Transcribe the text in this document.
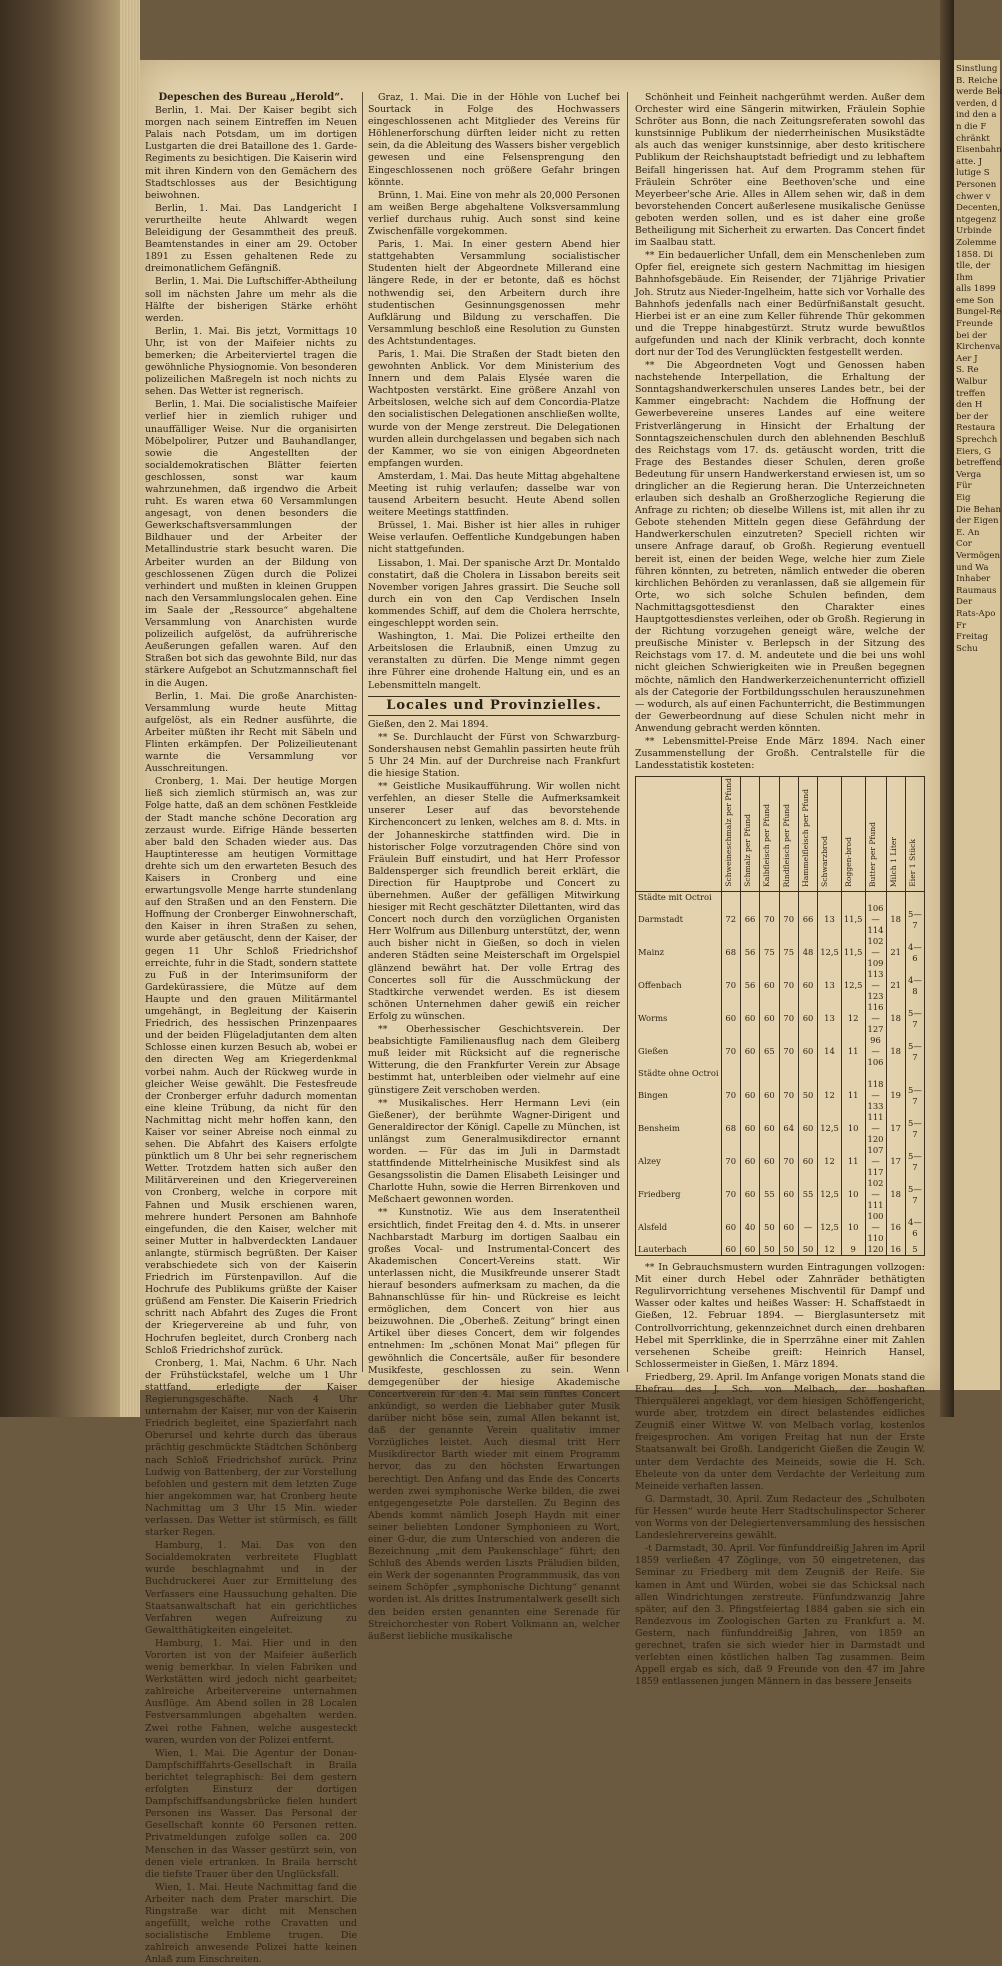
Sinstlung
B. Reiche
werde Bek
verden, d
ind den a
n die F
chränkt
Eisenbahn
atte. J
lutige S
Personen
chwer v
Decenten,
ntgegenz
Urbinde
Zolemme
1858. Di
tlle, der
Ihm
alls 1899
eme Son
Bungel-Re
Freunde
bei der
Kirchenva
Aer J
S. Re
Walbur
treffen
den H
ber der
Restaura
Sprechch
Eiers, G
betreffend
Verga
Für
Eig
Die Behan
der Eigen
E. An
Cor
Vermögen
und Wa
Inhaber
Raumaus
Der
Rats-Apo
Fr
Freitag
Schu

Depeschen des Bureau „Herold“.

Berlin, 1. Mai. Der Kaiser begibt sich morgen nach seinem Eintreffen im Neuen Palais nach Potsdam, um im dortigen Lustgarten die drei Bataillone des 1. Garde-Regiments zu besichtigen. Die Kaiserin wird mit ihren Kindern von den Gemächern des Stadtschlosses aus der Besichtigung beiwohnen.

Berlin, 1. Mai. Das Landgericht I verurtheilte heute Ahlwardt wegen Beleidigung der Gesammtheit des preuß. Beamtenstandes in einer am 29. October 1891 zu Essen gehaltenen Rede zu dreimonatlichem Gefängniß.

Berlin, 1. Mai. Die Luftschiffer-Abtheilung soll im nächsten Jahre um mehr als die Hälfte der bisherigen Stärke erhöht werden.

Berlin, 1. Mai. Bis jetzt, Vormittags 10 Uhr, ist von der Maifeier nichts zu bemerken; die Arbeiterviertel tragen die gewöhnliche Physiognomie. Von besonderen polizeilichen Maßregeln ist noch nichts zu sehen. Das Wetter ist regnerisch.

Berlin, 1. Mai. Die socialistische Maifeier verlief hier in ziemlich ruhiger und unauffälliger Weise. Nur die organisirten Möbelpolirer, Putzer und Bauhandlanger, sowie die Angestellten der socialdemokratischen Blätter feierten geschlossen, sonst war kaum wahrzunehmen, daß irgendwo die Arbeit ruht. Es waren etwa 60 Versammlungen angesagt, von denen besonders die Gewerkschaftsversammlungen der Bildhauer und der Arbeiter der Metallindustrie stark besucht waren. Die Arbeiter wurden an der Bildung von geschlossenen Zügen durch die Polizei verhindert und mußten in kleinen Gruppen nach den Versammlungslocalen gehen. Eine im Saale der „Ressource“ abgehaltene Versammlung von Anarchisten wurde polizeilich aufgelöst, da aufrührerische Aeußerungen gefallen waren. Auf den Straßen bot sich das gewohnte Bild, nur das stärkere Aufgebot an Schutzmannschaft fiel in die Augen.

Berlin, 1. Mai. Die große Anarchisten-Versammlung wurde heute Mittag aufgelöst, als ein Redner ausführte, die Arbeiter müßten ihr Recht mit Säbeln und Flinten erkämpfen. Der Polizeilieutenant warnte die Versammlung vor Ausschreitungen.

Cronberg, 1. Mai. Der heutige Morgen ließ sich ziemlich stürmisch an, was zur Folge hatte, daß an dem schönen Festkleide der Stadt manche schöne Decoration arg zerzaust wurde. Eifrige Hände besserten aber bald den Schaden wieder aus. Das Hauptinteresse am heutigen Vormittage drehte sich um den erwarteten Besuch des Kaisers in Cronberg und eine erwartungsvolle Menge harrte stundenlang auf den Straßen und an den Fenstern. Die Hoffnung der Cronberger Einwohnerschaft, den Kaiser in ihren Straßen zu sehen, wurde aber getäuscht, denn der Kaiser, der gegen 11 Uhr Schloß Friedrichshof erreichte, fuhr in die Stadt, sondern stattete zu Fuß in der Interimsuniform der Gardekürassiere, die Mütze auf dem Haupte und den grauen Militärmantel umgehängt, in Begleitung der Kaiserin Friedrich, des hessischen Prinzenpaares und der beiden Flügeladjutanten dem alten Schlosse einen kurzen Besuch ab, wobei er den directen Weg am Kriegerdenkmal vorbei nahm. Auch der Rückweg wurde in gleicher Weise gewählt. Die Festesfreude der Cronberger erfuhr dadurch momentan eine kleine Trübung, da nicht für den Nachmittag nicht mehr hoffen kann, den Kaiser vor seiner Abreise noch einmal zu sehen. Die Abfahrt des Kaisers erfolgte pünktlich um 8 Uhr bei sehr regnerischem Wetter. Trotzdem hatten sich außer den Militärvereinen und den Kriegervereinen von Cronberg, welche in corpore mit Fahnen und Musik erschienen waren, mehrere hundert Personen am Bahnhofe eingefunden, die den Kaiser, welcher mit seiner Mutter in halbverdeckten Landauer anlangte, stürmisch begrüßten. Der Kaiser verabschiedete sich von der Kaiserin Friedrich im Fürstenpavillon. Auf die Hochrufe des Publikums grüßte der Kaiser grüßend am Fenster. Die Kaiserin Friedrich schritt nach Abfahrt des Zuges die Front der Kriegervereine ab und fuhr, von Hochrufen begleitet, durch Cronberg nach Schloß Friedrichshof zurück.

Cronberg, 1. Mai, Nachm. 6 Uhr. Nach der Frühstückstafel, welche um 1 Uhr stattfand, erledigte der Kaiser Regierungsgeschäfte. Nach 4 Uhr unternahm der Kaiser, nur von der Kaiserin Friedrich begleitet, eine Spazierfahrt nach Oberursel und kehrte durch das überaus prächtig geschmückte Städtchen Schönberg nach Schloß Friedrichshof zurück. Prinz Ludwig von Battenberg, der zur Vorstellung befohlen und gestern mit dem letzten Zuge hier angekommen war, hat Cronberg heute Nachmittag um 3 Uhr 15 Min. wieder verlassen. Das Wetter ist stürmisch, es fällt starker Regen.

Hamburg, 1. Mai. Das von den Socialdemokraten verbreitete Flugblatt wurde beschlagnahmt und in der Buchdruckerei Auer zur Ermittelung des Verfassers eine Haussuchung gehalten. Die Staatsanwaltschaft hat ein gerichtliches Verfahren wegen Aufreizung zu Gewaltthätigkeiten eingeleitet.

Hamburg, 1. Mai. Hier und in den Vororten ist von der Maifeier äußerlich wenig bemerkbar. In vielen Fabriken und Werkstätten wird jedoch nicht gearbeitet; zahlreiche Arbeitervereine unternahmen Ausflüge. Am Abend sollen in 28 Localen Festversammlungen abgehalten werden. Zwei rothe Fahnen, welche ausgesteckt waren, wurden von der Polizei entfernt.

Wien, 1. Mai. Die Agentur der Donau-Dampfschifffahrts-Gesellschaft in Braila berichtet telegraphisch: Bei dem gestern erfolgten Einsturz der dortigen Dampfschiffsandungsbrücke fielen hundert Personen ins Wasser. Das Personal der Gesellschaft konnte 60 Personen retten. Privatmeldungen zufolge sollen ca. 200 Menschen in das Wasser gestürzt sein, von denen viele ertranken. In Braila herrscht die tiefste Trauer über den Unglücksfall.

Wien, 1. Mai. Heute Nachmittag fand die Arbeiter nach dem Prater marschirt. Die Ringstraße war dicht mit Menschen angefüllt, welche rothe Cravatten und socialistische Embleme trugen. Die zahlreich anwesende Polizei hatte keinen Anlaß zum Einschreiten.

Graz, 1. Mai. Die in der Höhle von Luchef bei Sourtack in Folge des Hochwassers eingeschlossenen acht Mitglieder des Vereins für Höhlenerforschung dürften leider nicht zu retten sein, da die Ableitung des Wassers bisher vergeblich gewesen und eine Felsensprengung den Eingeschlossenen noch größere Gefahr bringen könnte.

Brünn, 1. Mai. Eine von mehr als 20,000 Personen am weißen Berge abgehaltene Volksversammlung verlief durchaus ruhig. Auch sonst sind keine Zwischenfälle vorgekommen.

Paris, 1. Mai. In einer gestern Abend hier stattgehabten Versammlung socialistischer Studenten hielt der Abgeordnete Millerand eine längere Rede, in der er betonte, daß es höchst nothwendig sei, den Arbeitern durch ihre studentischen Gesinnungsgenossen mehr Aufklärung und Bildung zu verschaffen. Die Versammlung beschloß eine Resolution zu Gunsten des Achtstundentages.

Paris, 1. Mai. Die Straßen der Stadt bieten den gewohnten Anblick. Vor dem Ministerium des Innern und dem Palais Elysée waren die Wachtposten verstärkt. Eine größere Anzahl von Arbeitslosen, welche sich auf dem Concordia-Platze den socialistischen Delegationen anschließen wollte, wurde von der Menge zerstreut. Die Delegationen wurden allein durchgelassen und begaben sich nach der Kammer, wo sie von einigen Abgeordneten empfangen wurden.

Amsterdam, 1. Mai. Das heute Mittag abgehaltene Meeting ist ruhig verlaufen; dasselbe war von tausend Arbeitern besucht. Heute Abend sollen weitere Meetings stattfinden.

Brüssel, 1. Mai. Bisher ist hier alles in ruhiger Weise verlaufen. Oeffentliche Kundgebungen haben nicht stattgefunden.

Lissabon, 1. Mai. Der spanische Arzt Dr. Montaldo constatirt, daß die Cholera in Lissabon bereits seit November vorigen Jahres grassirt. Die Seuche soll durch ein von den Cap Verdischen Inseln kommendes Schiff, auf dem die Cholera herrschte, eingeschleppt worden sein.

Washington, 1. Mai. Die Polizei ertheilte den Arbeitslosen die Erlaubniß, einen Umzug zu veranstalten zu dürfen. Die Menge nimmt gegen ihre Führer eine drohende Haltung ein, und es an Lebensmitteln mangelt.

Locales und Provinzielles.

Gießen, den 2. Mai 1894.

** Se. Durchlaucht der Fürst von Schwarzburg-Sondershausen nebst Gemahlin passirten heute früh 5 Uhr 24 Min. auf der Durchreise nach Frankfurt die hiesige Station.

** Geistliche Musikaufführung. Wir wollen nicht verfehlen, an dieser Stelle die Aufmerksamkeit unserer Leser auf das bevorstehende Kirchenconcert zu lenken, welches am 8. d. Mts. in der Johanneskirche stattfinden wird. Die in historischer Folge vorzutragenden Chöre sind von Fräulein Buff einstudirt, und hat Herr Professor Baldensperger sich freundlich bereit erklärt, die Direction für Hauptprobe und Concert zu übernehmen. Außer der gefälligen Mitwirkung hiesiger mit Recht geschätzter Dilettanten, wird das Concert noch durch den vorzüglichen Organisten Herr Wolfrum aus Dillenburg unterstützt, der, wenn auch bisher nicht in Gießen, so doch in vielen anderen Städten seine Meisterschaft im Orgelspiel glänzend bewährt hat. Der volle Ertrag des Concertes soll für die Ausschmückung der Stadtkirche verwendet werden. Es ist diesem schönen Unternehmen daher gewiß ein reicher Erfolg zu wünschen.

** Oberhessischer Geschichtsverein. Der beabsichtigte Familienausflug nach dem Gleiberg muß leider mit Rücksicht auf die regnerische Witterung, die den Frankfurter Verein zur Absage bestimmt hat, unterbleiben oder vielmehr auf eine günstigere Zeit verschoben werden.

** Musikalisches. Herr Hermann Levi (ein Gießener), der berühmte Wagner-Dirigent und Generaldirector der Königl. Capelle zu München, ist unlängst zum Generalmusikdirector ernannt worden. — Für das im Juli in Darmstadt stattfindende Mittelrheinische Musikfest sind als Gesangssolistin die Damen Elisabeth Leisinger und Charlotte Huhn, sowie die Herren Birrenkoven und Meßchaert gewonnen worden.

** Kunstnotiz. Wie aus dem Inseratentheil ersichtlich, findet Freitag den 4. d. Mts. in unserer Nachbarstadt Marburg im dortigen Saalbau ein großes Vocal- und Instrumental-Concert des Akademischen Concert-Vereins statt. Wir unterlassen nicht, die Musikfreunde unserer Stadt hierauf besonders aufmerksam zu machen, da die Bahnanschlüsse für hin- und Rückreise es leicht ermöglichen, dem Concert von hier aus beizuwohnen. Die „Oberheß. Zeitung“ bringt einen Artikel über dieses Concert, dem wir folgendes entnehmen: Im „schönen Monat Mai“ pflegen für gewöhnlich die Concertsäle, außer für besondere Musikfeste, geschlossen zu sein. Wenn demgegenüber der hiesige Akademische Concertverein für den 4. Mai sein fünftes Concert ankündigt, so werden die Liebhaber guter Musik darüber nicht böse sein, zumal Allen bekannt ist, daß der genannte Verein qualitativ immer Vorzügliches leistet. Auch diesmal tritt Herr Musikdirector Barth wieder mit einem Programm hervor, das zu den höchsten Erwartungen berechtigt. Den Anfang und das Ende des Concerts werden zwei symphonische Werke bilden, die zwei entgegengesetzte Pole darstellen. Zu Beginn des Abends kommt nämlich Joseph Haydn mit einer seiner beliebten Londoner Symphonieen zu Wort, einer G-dur, die zum Unterschied von anderen die Bezeichnung „mit dem Paukenschlage“ führt; den Schluß des Abends werden Liszts Präludien bilden, ein Werk der sogenannten Programmmusik, das von seinem Schöpfer „symphonische Dichtung“ genannt worden ist. Als drittes Instrumentalwerk gesellt sich den beiden ersten genannten eine Serenade für Streichorchester von Robert Volkmann an, welcher äußerst liebliche musikalische

Schönheit und Feinheit nachgerühmt werden. Außer dem Orchester wird eine Sängerin mitwirken, Fräulein Sophie Schröter aus Bonn, die nach Zeitungsreferaten sowohl das kunstsinnige Publikum der niederrheinischen Musikstädte als auch das weniger kunstsinnige, aber desto kritischere Publikum der Reichshauptstadt befriedigt und zu lebhaftem Beifall hingerissen hat. Auf dem Programm stehen für Fräulein Schröter eine Beethoven'sche und eine Meyerbeer'sche Arie. Alles in Allem sehen wir, daß in dem bevorstehenden Concert außerlesene musikalische Genüsse geboten werden sollen, und es ist daher eine große Betheiligung mit Sicherheit zu erwarten. Das Concert findet im Saalbau statt.

** Ein bedauerlicher Unfall, dem ein Menschenleben zum Opfer fiel, ereignete sich gestern Nachmittag im hiesigen Bahnhofsgebäude. Ein Reisender, der 71jährige Privatier Joh. Strutz aus Nieder-Ingelheim, hatte sich vor Vorhalle des Bahnhofs jedenfalls nach einer Bedürfnißanstalt gesucht. Hierbei ist er an eine zum Keller führende Thür gekommen und die Treppe hinabgestürzt. Strutz wurde bewußtlos aufgefunden und nach der Klinik verbracht, doch konnte dort nur der Tod des Verunglückten festgestellt werden.

** Die Abgeordneten Vogt und Genossen haben nachstehende Interpellation, die Erhaltung der Sonntagshandwerkerschulen unseres Landes betr., bei der Kammer eingebracht: Nachdem die Hoffnung der Gewerbevereine unseres Landes auf eine weitere Fristverlängerung in Hinsicht der Erhaltung der Sonntagszeichenschulen durch den ablehnenden Beschluß des Reichstags vom 17. ds. getäuscht worden, tritt die Frage des Bestandes dieser Schulen, deren große Bedeutung für unsern Handwerkerstand erwiesen ist, um so dringlicher an die Regierung heran. Die Unterzeichneten erlauben sich deshalb an Großherzogliche Regierung die Anfrage zu richten; ob dieselbe Willens ist, mit allen ihr zu Gebote stehenden Mitteln gegen diese Gefährdung der Handwerkerschulen einzutreten? Speciell richten wir unsere Anfrage darauf, ob Großh. Regierung eventuell bereit ist, einen der beiden Wege, welche hier zum Ziele führen könnten, zu betreten, nämlich entweder die oberen kirchlichen Behörden zu veranlassen, daß sie allgemein für Orte, wo sich solche Schulen befinden, dem Nachmittagsgottesdienst den Charakter eines Hauptgottesdienstes verleihen, oder ob Großh. Regierung in der Richtung vorzugehen geneigt wäre, welche der preußische Minister v. Berlepsch in der Sitzung des Reichstags vom 17. d. M. andeutete und die bei uns wohl nicht gleichen Schwierigkeiten wie in Preußen begegnen möchte, nämlich den Handwerkerzeichenunterricht offiziell als der Categorie der Fortbildungsschulen herauszunehmen — wodurch, als auf einen Fachunterricht, die Bestimmungen der Gewerbeordnung auf diese Schulen nicht mehr in Anwendung gebracht werden könnten.

** Lebensmittel-Preise Ende März 1894. Nach einer Zusammenstellung der Großh. Centralstelle für die Landesstatistik kosteten:

	Schweineschmalz per Pfund	Schmalz per Pfund	Kalbfleisch per Pfund	Rindfleisch per Pfund	Hammelfleisch per Pfund	Schwarzbrod	Roggen-brod	Butter per Pfund	Milch 1 Liter	Eier 1 Stück
Städte mit Octroi										
Darmstadt	72	66	70	70	66	13	11,5	106—114	18	5—7
Mainz	68	56	75	75	48	12,5	11,5	102—109	21	4—6
Offenbach	70	56	60	70	60	13	12,5	113—123	21	4—8
Worms	60	60	60	70	60	13	12	116—127	18	5—7
Gießen	70	60	65	70	60	14	11	96—106	18	5—7
Städte ohne Octroi										
Bingen	70	60	60	70	50	12	11	118—133	19	5—7
Bensheim	68	60	60	64	60	12,5	10	111—120	17	5—7
Alzey	70	60	60	70	60	12	11	107—117	17	5—7
Friedberg	70	60	55	60	55	12,5	10	102—111	18	5—7
Alsfeld	60	40	50	60	—	12,5	10	100—110	16	4—6
Lauterbach	60	60	50	50	50	12	9	120	16	5

** In Gebrauchsmustern wurden Eintragungen vollzogen: Mit einer durch Hebel oder Zahnräder bethätigten Regulirvorrichtung versehenes Mischventil für Dampf und Wasser oder kaltes und heißes Wasser: H. Schaffstaedt in Gießen, 12. Februar 1894. — Bierglasuntersetz mit Controllvorrichtung, gekennzeichnet durch einen drehbaren Hebel mit Sperrklinke, die in Sperrzähne einer mit Zahlen versehenen Scheibe greift: Heinrich Hansel, Schlossermeister in Gießen, 1. März 1894.

Friedberg, 29. April. Im Anfange vorigen Monats stand die Ehefrau des J. Sch. von Melbach, der boshaften Thierquälerei angeklagt, vor dem hiesigen Schöffengericht, wurde aber, trotzdem ein direct belastendes eidliches Zeugniß einer Wittwe W. von Melbach vorlag, kostenlos freigesprochen. Am vorigen Freitag hat nun der Erste Staatsanwalt bei Großh. Landgericht Gießen die Zeugin W. unter dem Verdachte des Meineids, sowie die H. Sch. Eheleute von da unter dem Verdachte der Verleitung zum Meineide verhaften lassen.

G. Darmstadt, 30. April. Zum Redacteur des „Schulboten für Hessen“ wurde heute Herr Stadtschulinspector Scherer von Worms von der Delegiertenversammlung des hessischen Landeslehrervereins gewählt.

-t Darmstadt, 30. April. Vor fünfunddreißig Jahren im April 1859 verließen 47 Zöglinge, von 50 eingetretenen, das Seminar zu Friedberg mit dem Zeugniß der Reife. Sie kamen in Amt und Würden, wobei sie das Schicksal nach allen Windrichtungen zerstreute. Fünfundzwanzig Jahre später, auf den 3. Pfingstfeiertag 1884 gaben sie sich ein Rendezvous im Zoologischen Garten zu Frankfurt a. M. Gestern, nach fünfunddreißig Jahren, von 1859 an gerechnet, trafen sie sich wieder hier in Darmstadt und verlebten einen köstlichen halben Tag zusammen. Beim Appell ergab es sich, daß 9 Freunde von den 47 im Jahre 1859 entlassenen jungen Männern in das bessere Jenseits
